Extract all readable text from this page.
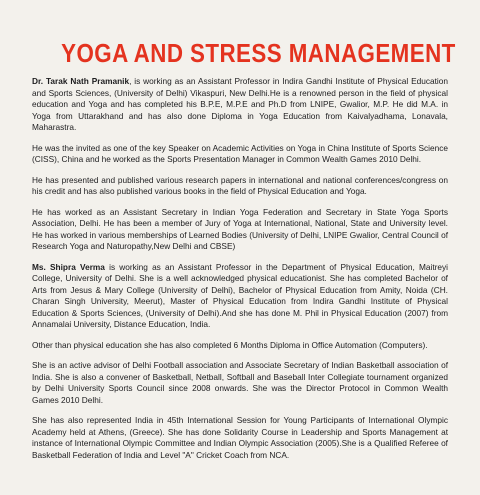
YOGA AND STRESS MANAGEMENT

Dr. Tarak Nath Pramanik, is working as an Assistant Professor in Indira Gandhi Institute of Physical Education and Sports Sciences, (University of Delhi) Vikaspuri, New Delhi.He is a renowned person in the field of physical education and Yoga and has completed his B.P.E, M.P.E and Ph.D from LNIPE, Gwalior, M.P. He did M.A. in Yoga from Uttarakhand and has also done Diploma in Yoga Education from Kaivalyadhama, Lonavala, Maharastra.

He was the invited as one of the key Speaker on Academic Activities on Yoga in China Institute of Sports Science (CISS), China and he worked as the Sports Presentation Manager in Common Wealth Games 2010 Delhi.

He has presented and published various research papers in international and national conferences/congress on his credit and has also published various books in the field of Physical Education and Yoga.

He has worked as an Assistant Secretary in Indian Yoga Federation and Secretary in State Yoga Sports Association, Delhi. He has been a member of Jury of Yoga at International, National, State and University level. He has worked in various memberships of Learned Bodies (University of Delhi, LNIPE Gwalior, Central Council of Research Yoga and Naturopathy,New Delhi and CBSE)

Ms. Shipra Verma is working as an Assistant Professor in the Department of Physical Education, Maitreyi College, University of Delhi. She is a well acknowledged physical educationist. She has completed Bachelor of Arts from Jesus & Mary College (University of Delhi), Bachelor of Physical Education from Amity, Noida (CH. Charan Singh University, Meerut), Master of Physical Education from Indira Gandhi Institute of Physical Education & Sports Sciences, (University of Delhi).And she has done M. Phil in Physical Education (2007) from Annamalai University, Distance Education, India.

Other than physical education she has also completed 6 Months Diploma in Office Automation (Computers).

She is an active advisor of Delhi Football association and Associate Secretary of Indian Basketball association of India. She is also a convener of Basketball, Netball, Softball and Baseball Inter Collegiate tournament organized by Delhi University Sports Council since 2008 onwards. She was the Director Protocol in Common Wealth Games 2010 Delhi.

She has also represented India in 45th International Session for Young Participants of International Olympic Academy held at Athens, (Greece). She has done Solidarity Course in Leadership and Sports Management at instance of International Olympic Committee and Indian Olympic Association (2005).She is a Qualified Referee of Basketball Federation of India and Level "A" Cricket Coach from NCA.
